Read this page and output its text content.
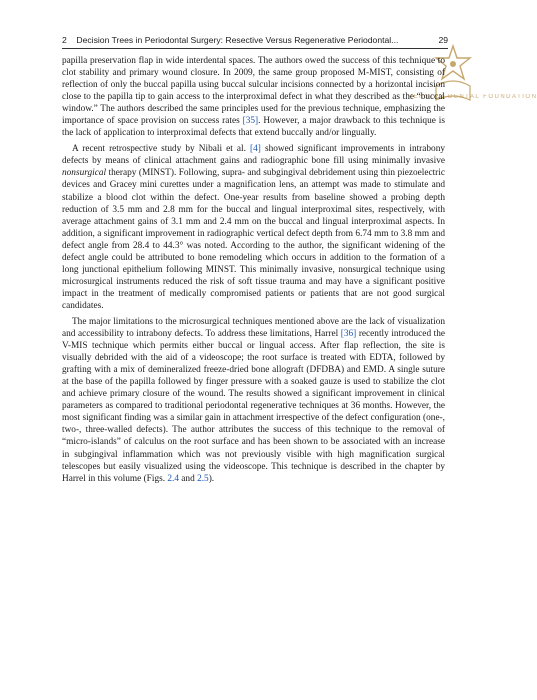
2 Decision Trees in Periodontal Surgery: Resective Versus Regenerative Periodontal...	29
PERSIAN DENTAL FOUNDATION

papilla preservation flap in wide interdental spaces. The authors owed the success of this technique to clot stability and primary wound closure. In 2009, the same group proposed M-MIST, consisting of reflection of only the buccal papilla using buccal sulcular incisions connected by a horizontal incision close to the papilla tip to gain access to the interproximal defect in what they described as the “buccal window.” The authors described the same principles used for the previous technique, emphasizing the importance of space provision on success rates [35]. However, a major drawback to this technique is the lack of application to interproximal defects that extend buccally and/or lingually.

A recent retrospective study by Nibali et al. [4] showed significant improvements in intrabony defects by means of clinical attachment gains and radiographic bone fill using minimally invasive nonsurgical therapy (MINST). Following, supra- and subgingival debridement using thin piezoelectric devices and Gracey mini curettes under a magnification lens, an attempt was made to stimulate and stabilize a blood clot within the defect. One-year results from baseline showed a probing depth reduction of 3.5 mm and 2.8 mm for the buccal and lingual interproximal sites, respectively, with average attachment gains of 3.1 mm and 2.4 mm on the buccal and lingual interproximal aspects. In addition, a significant improvement in radiographic vertical defect depth from 6.74 mm to 3.8 mm and defect angle from 28.4 to 44.3° was noted. According to the author, the significant widening of the defect angle could be attributed to bone remodeling which occurs in addition to the formation of a long junctional epithelium following MINST. This minimally invasive, nonsurgical technique using microsurgical instruments reduced the risk of soft tissue trauma and may have a significant positive impact in the treatment of medically compromised patients or patients that are not good surgical candidates.

The major limitations to the microsurgical techniques mentioned above are the lack of visualization and accessibility to intrabony defects. To address these limitations, Harrel [36] recently introduced the V-MIS technique which permits either buccal or lingual access. After flap reflection, the site is visually debrided with the aid of a videoscope; the root surface is treated with EDTA, followed by grafting with a mix of demineralized freeze-dried bone allograft (DFDBA) and EMD. A single suture at the base of the papilla followed by finger pressure with a soaked gauze is used to stabilize the clot and achieve primary closure of the wound. The results showed a significant improvement in clinical parameters as compared to traditional periodontal regenerative techniques at 36 months. However, the most significant finding was a similar gain in attachment irrespective of the defect configuration (one-, two-, three-walled defects). The author attributes the success of this technique to the removal of “micro-islands” of calculus on the root surface and has been shown to be associated with an increase in subgingival inflammation which was not previously visible with high magnification surgical telescopes but easily visualized using the videoscope. This technique is described in the chapter by Harrel in this volume (Figs. 2.4 and 2.5).
